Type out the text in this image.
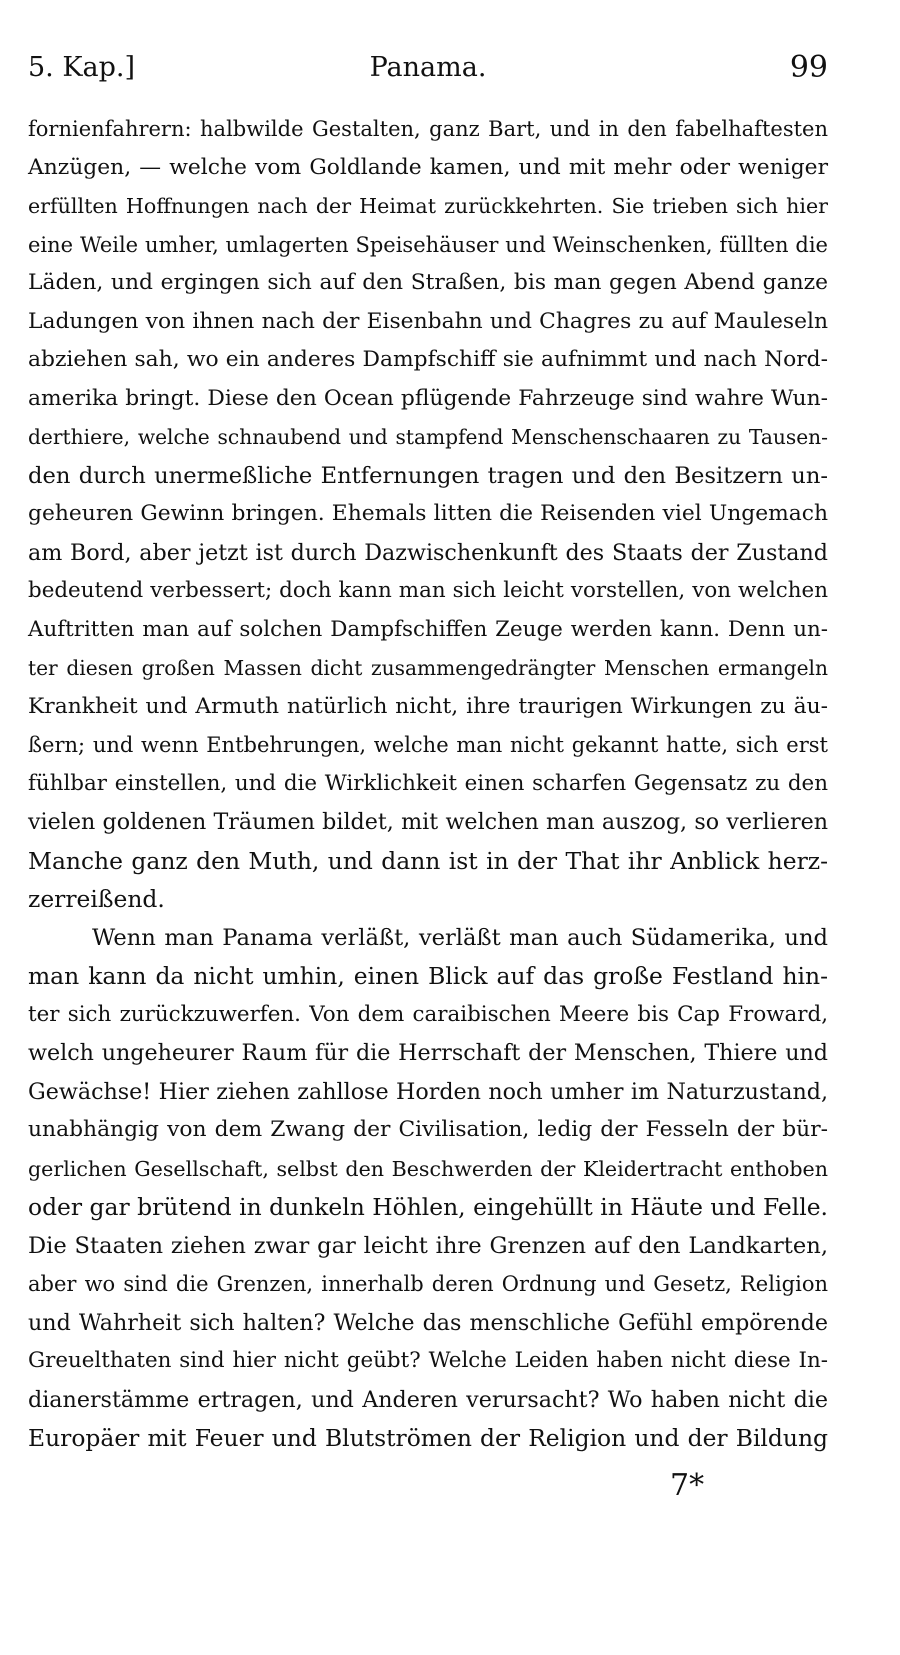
5. Kap.]	Panama.	99
fornienfahrern: halbwilde Gestalten, ganz Bart, und in den fabelhaftesten
Anzügen, — welche vom Goldlande kamen, und mit mehr oder weniger
erfüllten Hoffnungen nach der Heimat zurückkehrten. Sie trieben sich hier
eine Weile umher, umlagerten Speisehäuser und Weinschenken, füllten die
Läden, und ergingen sich auf den Straßen, bis man gegen Abend ganze
Ladungen von ihnen nach der Eisenbahn und Chagres zu auf Mauleseln
abziehen sah, wo ein anderes Dampfschiff sie aufnimmt und nach Nord-
amerika bringt. Diese den Ocean pflügende Fahrzeuge sind wahre Wun-
derthiere, welche schnaubend und stampfend Menschenschaaren zu Tausen-
den durch unermeßliche Entfernungen tragen und den Besitzern un-
geheuren Gewinn bringen. Ehemals litten die Reisenden viel Ungemach
am Bord, aber jetzt ist durch Dazwischenkunft des Staats der Zustand
bedeutend verbessert; doch kann man sich leicht vorstellen, von welchen
Auftritten man auf solchen Dampfschiffen Zeuge werden kann. Denn un-
ter diesen großen Massen dicht zusammengedrängter Menschen ermangeln
Krankheit und Armuth natürlich nicht, ihre traurigen Wirkungen zu äu-
ßern; und wenn Entbehrungen, welche man nicht gekannt hatte, sich erst
fühlbar einstellen, und die Wirklichkeit einen scharfen Gegensatz zu den
vielen goldenen Träumen bildet, mit welchen man auszog, so verlieren
Manche ganz den Muth, und dann ist in der That ihr Anblick herz-
zerreißend.
Wenn man Panama verläßt, verläßt man auch Südamerika, und
man kann da nicht umhin, einen Blick auf das große Festland hin-
ter sich zurückzuwerfen. Von dem caraibischen Meere bis Cap Froward,
welch ungeheurer Raum für die Herrschaft der Menschen, Thiere und
Gewächse! Hier ziehen zahllose Horden noch umher im Naturzustand,
unabhängig von dem Zwang der Civilisation, ledig der Fesseln der bür-
gerlichen Gesellschaft, selbst den Beschwerden der Kleidertracht enthoben
oder gar brütend in dunkeln Höhlen, eingehüllt in Häute und Felle.
Die Staaten ziehen zwar gar leicht ihre Grenzen auf den Landkarten,
aber wo sind die Grenzen, innerhalb deren Ordnung und Gesetz, Religion
und Wahrheit sich halten? Welche das menschliche Gefühl empörende
Greuelthaten sind hier nicht geübt? Welche Leiden haben nicht diese In-
dianerstämme ertragen, und Anderen verursacht? Wo haben nicht die
Europäer mit Feuer und Blutströmen der Religion und der Bildung
7*
